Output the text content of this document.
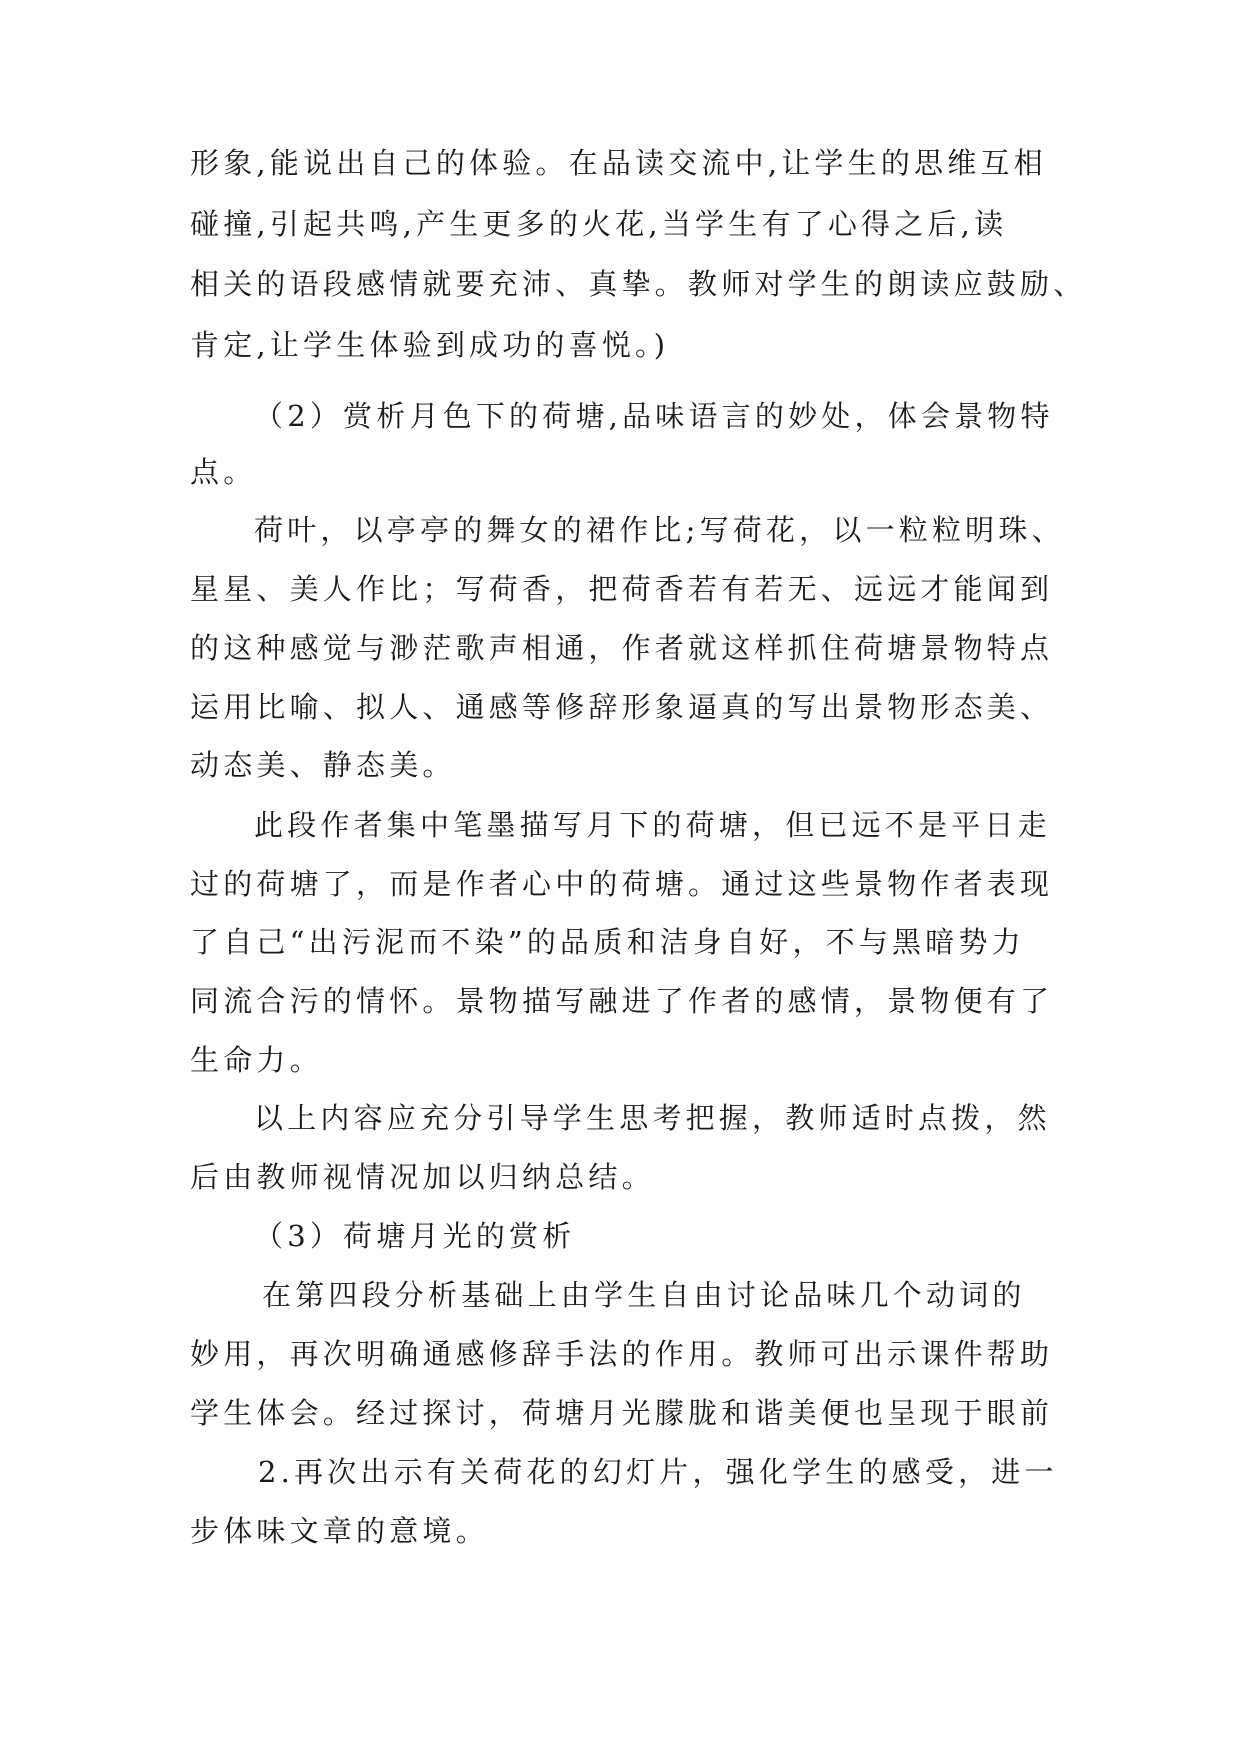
形象,能说出自己的体验。在品读交流中,让学生的思维互相
碰撞,引起共鸣,产生更多的火花,当学生有了心得之后,读
相关的语段感情就要充沛、真挚。教师对学生的朗读应鼓励、
肯定,让学生体验到成功的喜悦。)
（2）赏析月色下的荷塘,品味语言的妙处，体会景物特
点。
荷叶，以亭亭的舞女的裙作比;写荷花，以一粒粒明珠、
星星、美人作比；写荷香，把荷香若有若无、远远才能闻到
的这种感觉与渺茫歌声相通，作者就这样抓住荷塘景物特点
运用比喻、拟人、通感等修辞形象逼真的写出景物形态美、
动态美、静态美。
此段作者集中笔墨描写月下的荷塘，但已远不是平日走
过的荷塘了，而是作者心中的荷塘。通过这些景物作者表现
了自己“出污泥而不染”的品质和洁身自好，不与黑暗势力
同流合污的情怀。景物描写融进了作者的感情，景物便有了
生命力。
以上内容应充分引导学生思考把握，教师适时点拨，然
后由教师视情况加以归纳总结。
（3）荷塘月光的赏析
在第四段分析基础上由学生自由讨论品味几个动词的
妙用，再次明确通感修辞手法的作用。教师可出示课件帮助
学生体会。经过探讨，荷塘月光朦胧和谐美便也呈现于眼前
2.再次出示有关荷花的幻灯片，强化学生的感受，进一
步体味文章的意境。
